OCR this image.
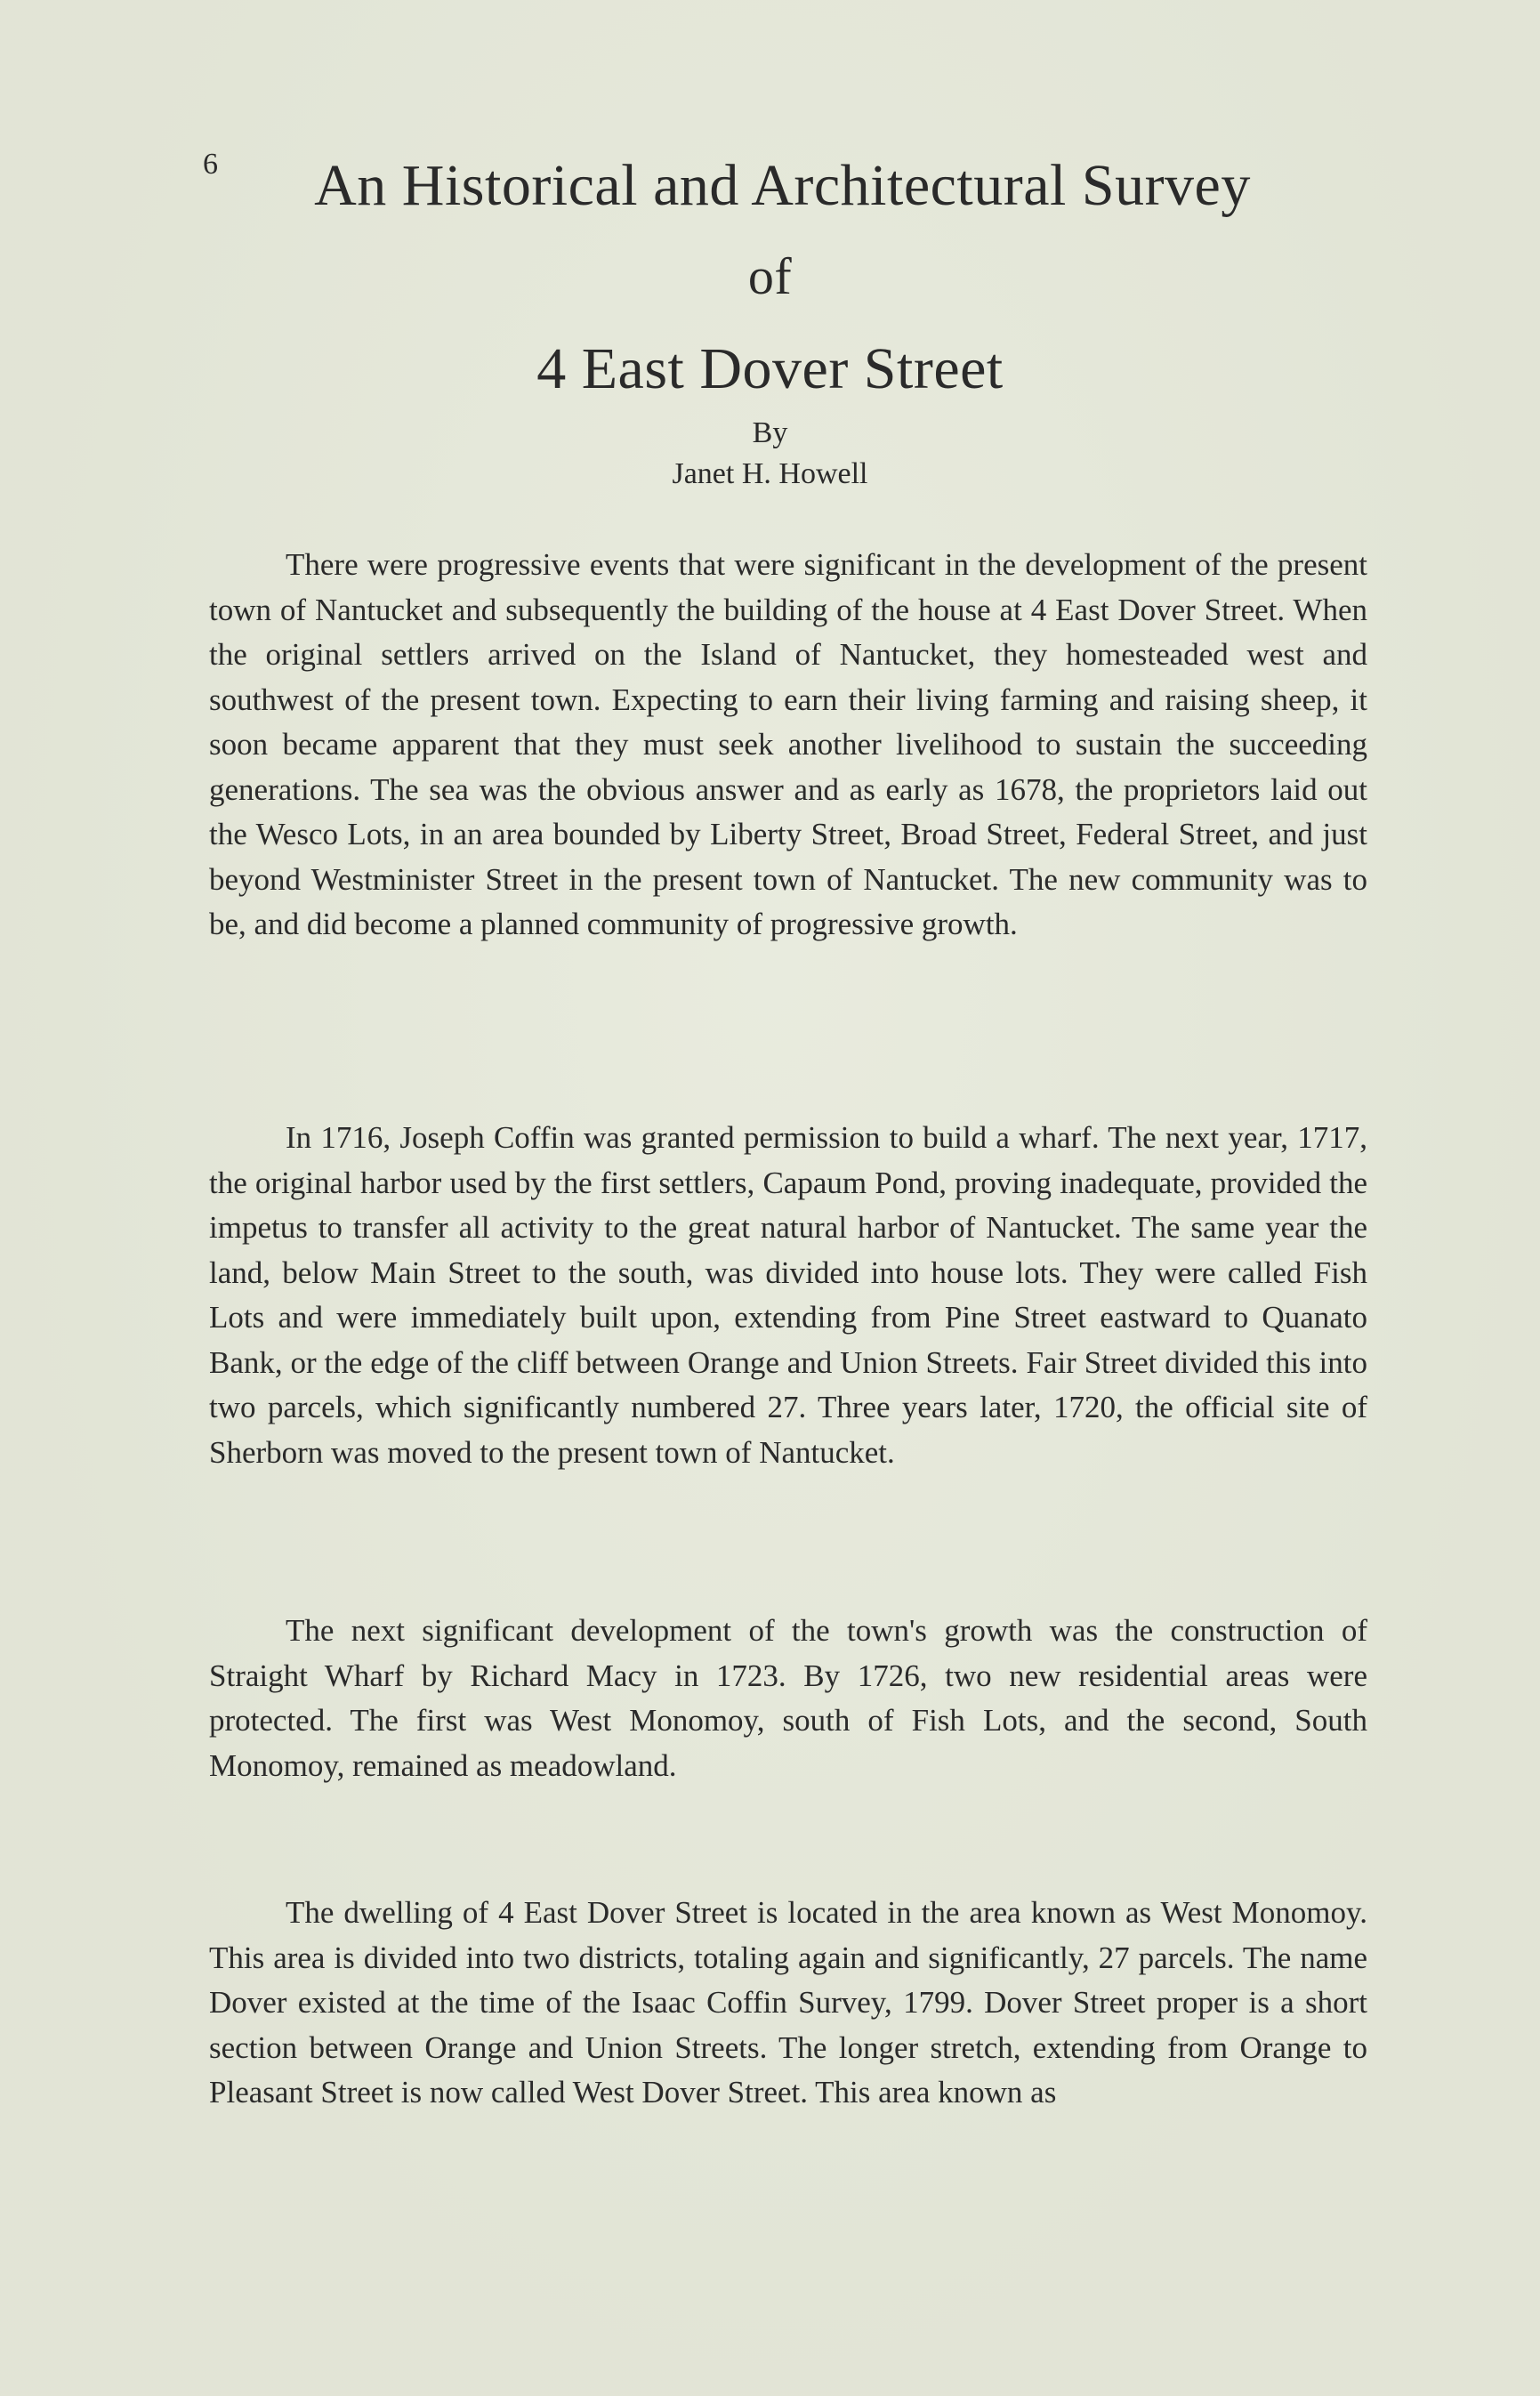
6	An Historical and Architectural Survey
of
4 East Dover Street
By
Janet H. Howell

There were progressive events that were significant in the development of the present town of Nantucket and subsequently the building of the house at 4 East Dover Street. When the original settlers arrived on the Island of Nantucket, they homesteaded west and southwest of the present town. Expecting to earn their living farming and raising sheep, it soon became apparent that they must seek another livelihood to sustain the succeeding generations. The sea was the obvious answer and as early as 1678, the proprietors laid out the Wesco Lots, in an area bounded by Liberty Street, Broad Street, Federal Street, and just beyond Westminister Street in the present town of Nantucket. The new community was to be, and did become a planned community of progressive growth.

In 1716, Joseph Coffin was granted permission to build a wharf. The next year, 1717, the original harbor used by the first settlers, Capaum Pond, proving inadequate, provided the impetus to transfer all activity to the great natural harbor of Nantucket. The same year the land, below Main Street to the south, was divided into house lots. They were called Fish Lots and were immediately built upon, extending from Pine Street eastward to Quanato Bank, or the edge of the cliff between Orange and Union Streets. Fair Street divided this into two parcels, which significantly numbered 27. Three years later, 1720, the official site of Sherborn was moved to the present town of Nantucket.

The next significant development of the town's growth was the construction of Straight Wharf by Richard Macy in 1723. By 1726, two new residential areas were protected. The first was West Monomoy, south of Fish Lots, and the second, South Monomoy, remained as meadowland.

The dwelling of 4 East Dover Street is located in the area known as West Monomoy. This area is divided into two districts, totaling again and significantly, 27 parcels. The name Dover existed at the time of the Isaac Coffin Survey, 1799. Dover Street proper is a short section between Orange and Union Streets. The longer stretch, extending from Orange to Pleasant Street is now called West Dover Street. This area known as
